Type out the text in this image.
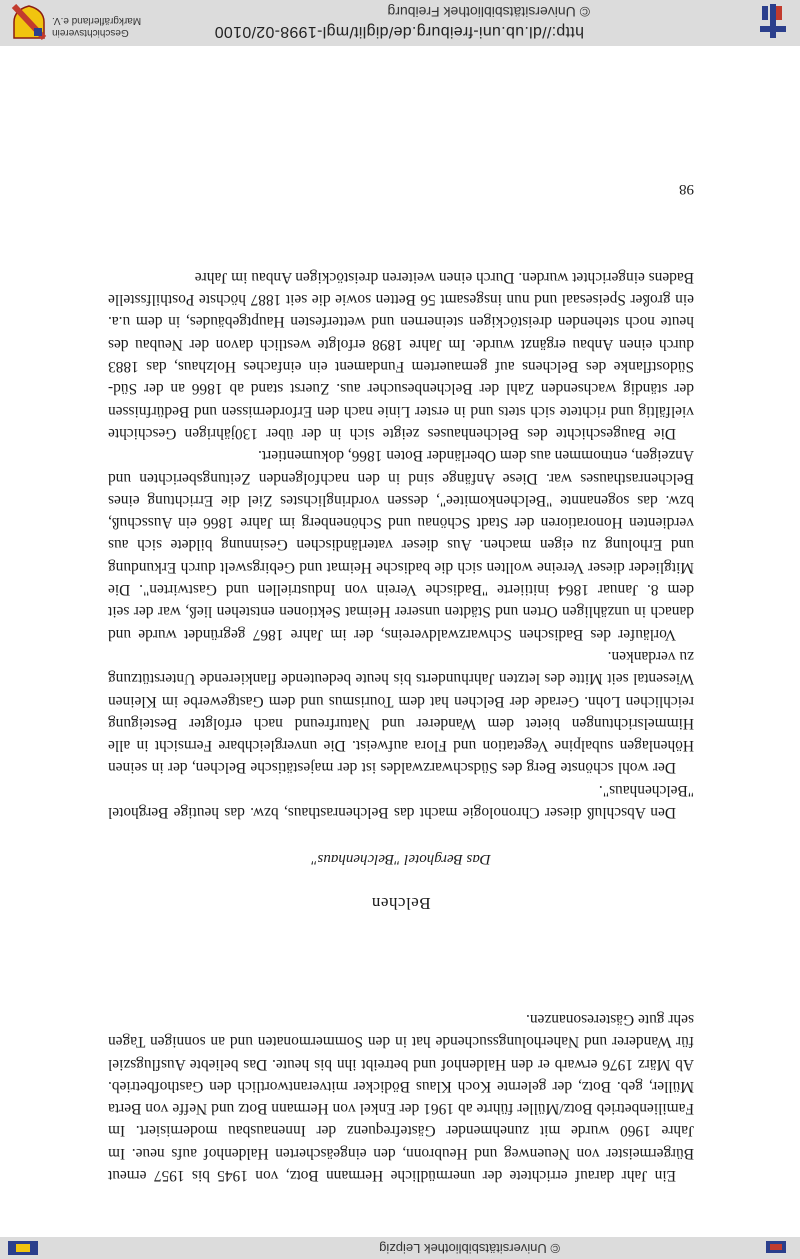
© Universitätsbibliothek Leipzig

Ein Jahr darauf errichtete der unermüdliche Hermann Botz, von 1945 bis 1957 erneut Bürgermeister von Neuenweg und Heubronn, den eingeäscherten Haldenhof aufs neue. Im Jahre 1960 wurde mit zunehmender Gästefrequenz der Innenausbau modernisiert. Im Familienbetrieb Botz/Müller führte ab 1961 der Enkel von Hermann Botz und Neffe von Berta Müller, geb. Botz, der gelernte Koch Klaus Bödicker mitverantwortlich den Gasthofbetrieb. Ab März 1976 erwarb er den Haldenhof und betreibt ihn bis heute. Das beliebte Ausflugsziel für Wanderer und Naherholungssuchende hat in den Sommermonaten und an sonnigen Tagen sehr gute Gästeresonanzen.

Belchen
Das Berghotel "Belchenhaus"

Den Abschluß dieser Chronologie macht das Belchenrasthaus, bzw. das heutige Berghotel "Belchenhaus".

Der wohl schönste Berg des Südschwarzwaldes ist der majestätische Belchen, der in seinen Höhenlagen subalpine Vegetation und Flora aufweist. Die unvergleichbare Fernsicht in alle Himmelsrichtungen bietet dem Wanderer und Naturfreund nach erfolgter Besteigung reichlichen Lohn. Gerade der Belchen hat dem Tourismus und dem Gastgewerbe im Kleinen Wiesental seit Mitte des letzten Jahrhunderts bis heute bedeutende flankierende Unterstützung zu verdanken.

Vorläufer des Badischen Schwarzwaldvereins, der im Jahre 1867 gegründet wurde und danach in unzähligen Orten und Städten unserer Heimat Sektionen entstehen ließ, war der seit dem 8. Januar 1864 initiierte "Badische Verein von Industriellen und Gastwirten". Die Mitglieder dieser Vereine wollten sich die badische Heimat und Gebirgswelt durch Erkundung und Erholung zu eigen machen. Aus dieser vaterländischen Gesinnung bildete sich aus verdienten Honoratioren der Stadt Schönau und Schönenberg im Jahre 1866 ein Ausschuß, bzw. das sogenannte "Belchenkomitee", dessen vordringlichstes Ziel die Errichtung eines Belchenrasthauses war. Diese Anfänge sind in den nachfolgenden Zeitungsberichten und Anzeigen, entnommen aus dem Oberländer Boten 1866, dokumentiert.

Die Baugeschichte des Belchenhauses zeigte sich in der über 130jährigen Geschichte vielfältig und richtete sich stets und in erster Linie nach den Erfordernissen und Bedürfnissen der ständig wachsenden Zahl der Belchenbesucher aus. Zuerst stand ab 1866 an der Süd-Südostflanke des Belchens auf gemauertem Fundament ein einfaches Holzhaus, das 1883 durch einen Anbau ergänzt wurde. Im Jahre 1898 erfolgte westlich davon der Neubau des heute noch stehenden dreistöckigen steinernen und wetterfesten Hauptgebäudes, in dem u.a. ein großer Speisesaal und nun insgesamt 56 Betten sowie die seit 1887 höchste Posthilfsstelle Badens eingerichtet wurden. Durch einen weiteren dreistöckigen Anbau im Jahre

98
http://dl.ub.uni-freiburg.de/diglit/mgl-1998-02/0100
© Universitätsbibliothek Freiburg
Geschichtsverein
Markgräflerland e.V.
